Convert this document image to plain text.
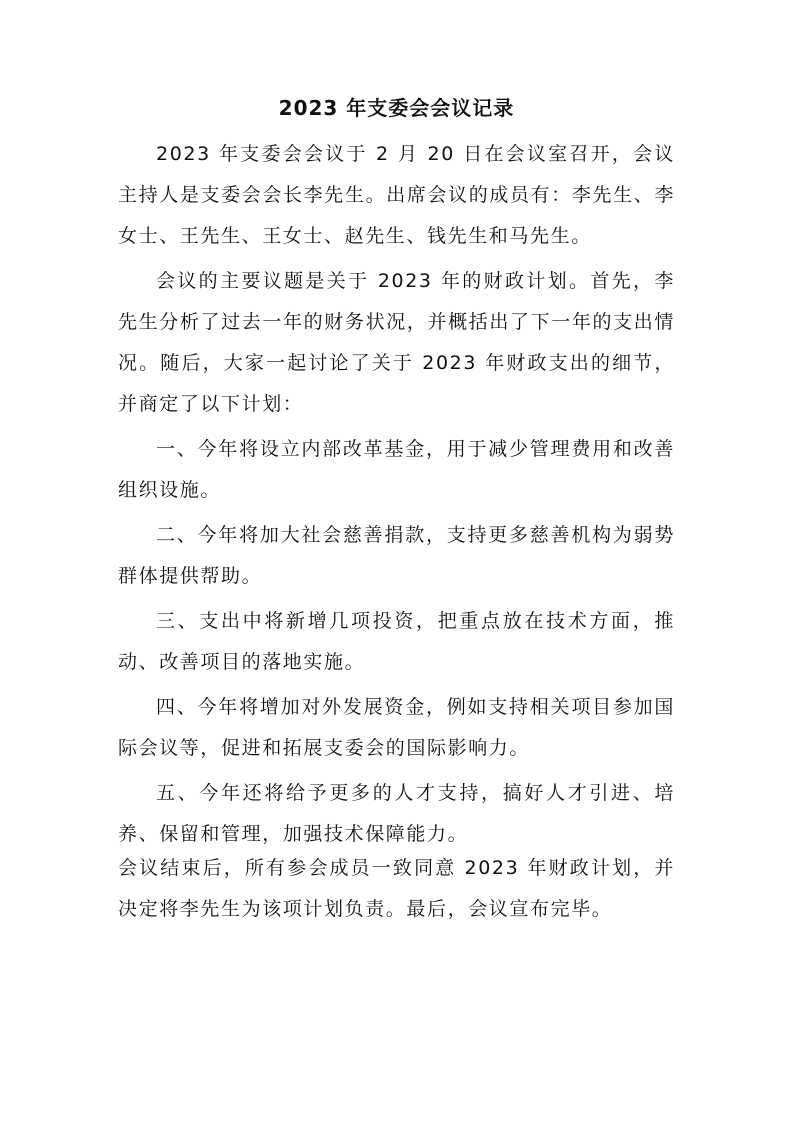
2023 年支委会会议记录

2023 年支委会会议于 2 月 20 日在会议室召开，会议主持人是支委会会长李先生。出席会议的成员有：李先生、李女士、王先生、王女士、赵先生、钱先生和马先生。

会议的主要议题是关于 2023 年的财政计划。首先，李先生分析了过去一年的财务状况，并概括出了下一年的支出情况。随后，大家一起讨论了关于 2023 年财政支出的细节，并商定了以下计划：

一、今年将设立内部改革基金，用于减少管理费用和改善组织设施。

二、今年将加大社会慈善捐款，支持更多慈善机构为弱势群体提供帮助。

三、支出中将新增几项投资，把重点放在技术方面，推动、改善项目的落地实施。

四、今年将增加对外发展资金，例如支持相关项目参加国际会议等，促进和拓展支委会的国际影响力。

五、今年还将给予更多的人才支持，搞好人才引进、培养、保留和管理，加强技术保障能力。

会议结束后，所有参会成员一致同意 2023 年财政计划，并决定将李先生为该项计划负责。最后，会议宣布完毕。
